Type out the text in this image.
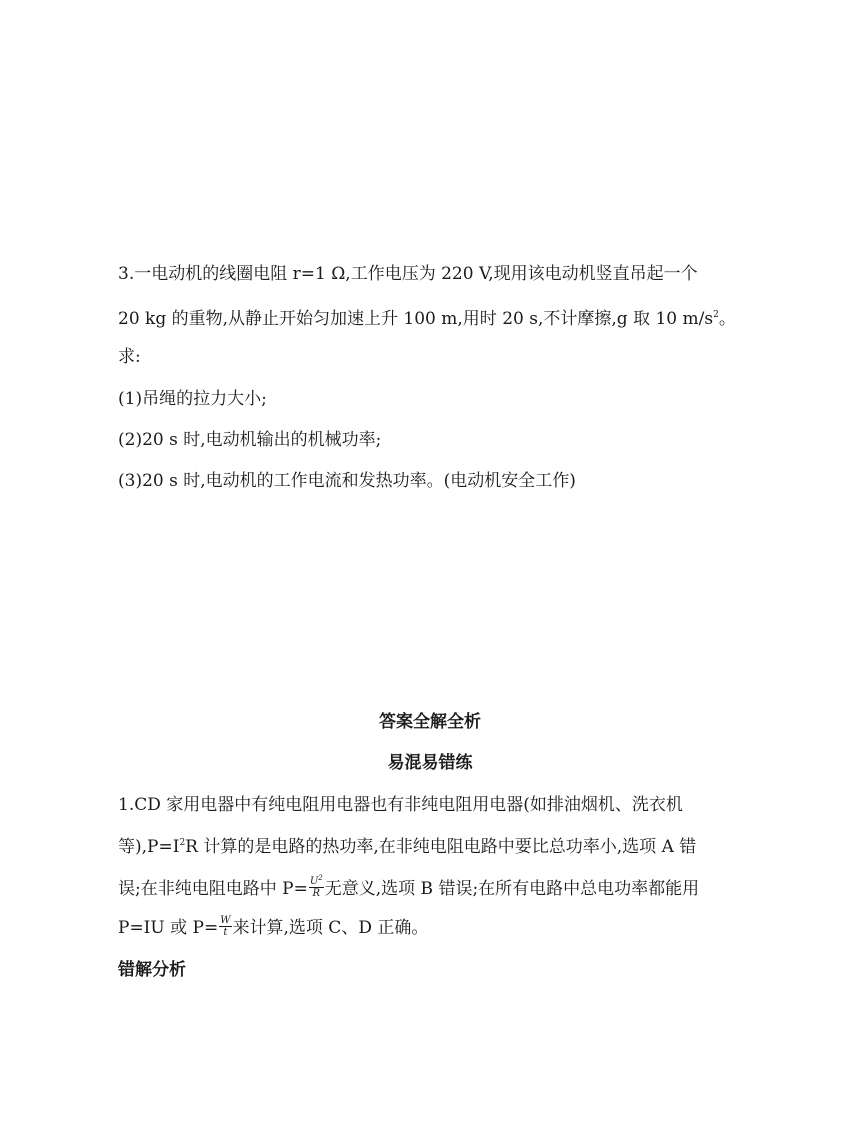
3.一电动机的线圈电阻 r=1 Ω,工作电压为 220 V,现用该电动机竖直吊起一个
20 kg 的重物,从静止开始匀加速上升 100 m,用时 20 s,不计摩擦,g 取 10 $m/s^2$。
求:
(1)吊绳的拉力大小;
(2)20 s 时,电动机输出的机械功率;
(3)20 s 时,电动机的工作电流和发热功率。(电动机安全工作)
答案全解全析
易混易错练
1.CD 家用电器中有纯电阻用电器也有非纯电阻用电器(如排油烟机、洗衣机
等)$,P=I^2R$ 计算的是电路的热功率,在非纯电阻电路中要比总功率小,选项 A 错
误;在非纯电阻电路中 $P= \frac{U^2}{R}$ 无意义,选项 B 错误;在所有电路中总电功率都能用
P=IU 或 $P= \frac{W}{t}$ 来计算,选项 C、D 正确。
错解分析
